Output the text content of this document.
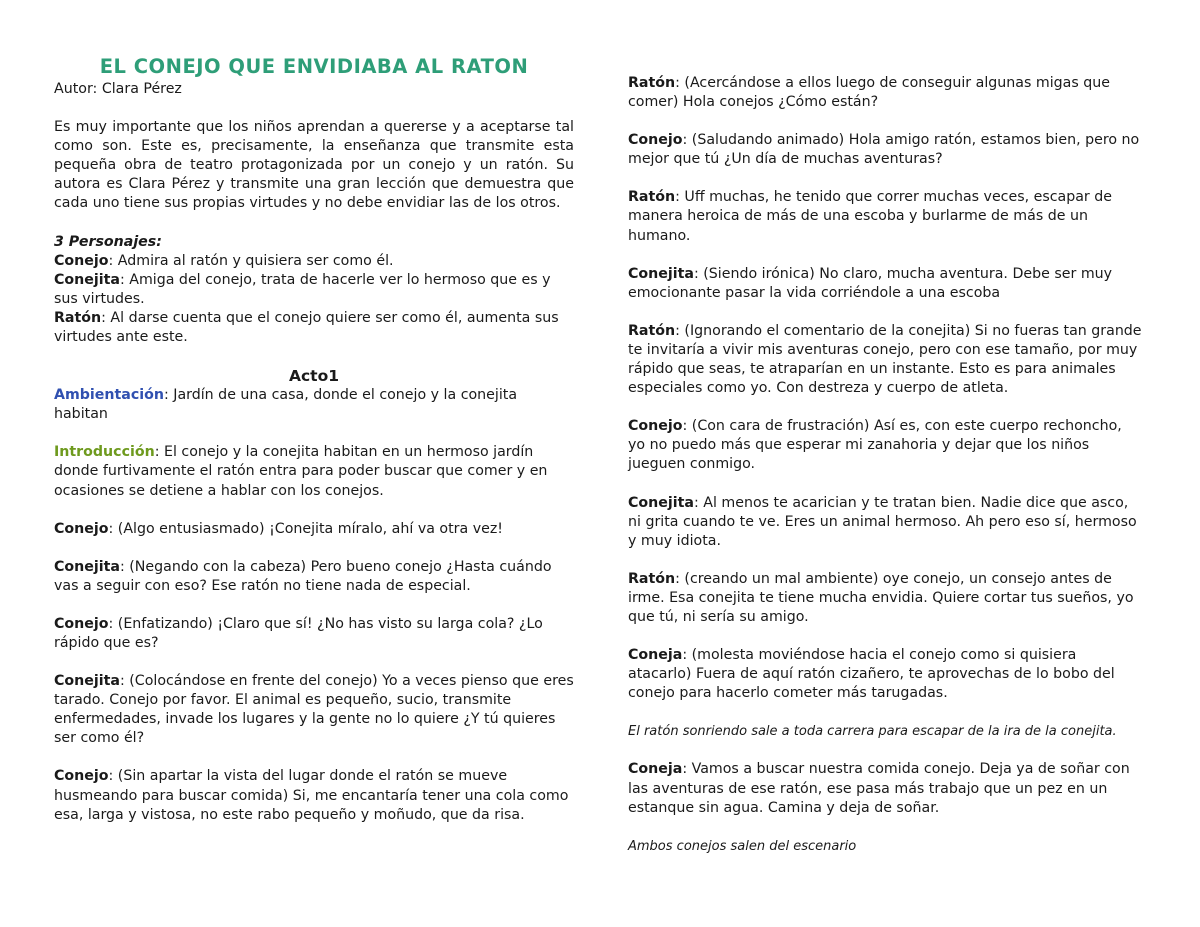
EL CONEJO QUE ENVIDIABA AL RATON

Autor: Clara Pérez

Es muy importante que los niños aprendan a quererse y a aceptarse tal como son. Este es, precisamente, la enseñanza que transmite esta pequeña obra de teatro protagonizada por un conejo y un ratón. Su autora es Clara Pérez y transmite una gran lección que demuestra que cada uno tiene sus propias virtudes y no debe envidiar las de los otros.

3 Personajes:

Conejo: Admira al ratón y quisiera ser como él.

Conejita: Amiga del conejo, trata de hacerle ver lo hermoso que es y sus virtudes.

Ratón: Al darse cuenta que el conejo quiere ser como él, aumenta sus virtudes ante este.

Acto1

Ambientación: Jardín de una casa, donde el conejo y la conejita habitan

Introducción: El conejo y la conejita habitan en un hermoso jardín donde furtivamente el ratón entra para poder buscar que comer y en ocasiones se detiene a hablar con los conejos.

Conejo: (Algo entusiasmado) ¡Conejita míralo, ahí va otra vez!

Conejita: (Negando con la cabeza) Pero bueno conejo ¿Hasta cuándo vas a seguir con eso? Ese ratón no tiene nada de especial.

Conejo: (Enfatizando) ¡Claro que sí! ¿No has visto su larga cola? ¿Lo rápido que es?

Conejita: (Colocándose en frente del conejo) Yo a veces pienso que eres tarado. Conejo por favor. El animal es pequeño, sucio, transmite enfermedades, invade los lugares y la gente no lo quiere ¿Y tú quieres ser como él?

Conejo: (Sin apartar la vista del lugar donde el ratón se mueve husmeando para buscar comida) Si, me encantaría tener una cola como esa, larga y vistosa, no este rabo pequeño y moñudo, que da risa.

Ratón: (Acercándose a ellos luego de conseguir algunas migas que comer) Hola conejos ¿Cómo están?

Conejo: (Saludando animado) Hola amigo ratón, estamos bien, pero no mejor que tú ¿Un día de muchas aventuras?

Ratón: Uff muchas, he tenido que correr muchas veces, escapar de manera heroica de más de una escoba y burlarme de más de un humano.

Conejita: (Siendo irónica) No claro, mucha aventura. Debe ser muy emocionante pasar la vida corriéndole a una escoba

Ratón: (Ignorando el comentario de la conejita) Si no fueras tan grande te invitaría a vivir mis aventuras conejo, pero con ese tamaño, por muy rápido que seas, te atraparían en un instante. Esto es para animales especiales como yo. Con destreza y cuerpo de atleta.

Conejo: (Con cara de frustración) Así es, con este cuerpo rechoncho, yo no puedo más que esperar mi zanahoria y dejar que los niños jueguen conmigo.

Conejita: Al menos te acarician y te tratan bien. Nadie dice que asco, ni grita cuando te ve. Eres un animal hermoso. Ah pero eso sí, hermoso y muy idiota.

Ratón: (creando un mal ambiente) oye conejo, un consejo antes de irme. Esa conejita te tiene mucha envidia. Quiere cortar tus sueños, yo que tú, ni sería su amigo.

Coneja: (molesta moviéndose hacia el conejo como si quisiera atacarlo) Fuera de aquí ratón cizañero, te aprovechas de lo bobo del conejo para hacerlo cometer más tarugadas.

El ratón sonriendo sale a toda carrera para escapar de la ira de la conejita.

Coneja: Vamos a buscar nuestra comida conejo. Deja ya de soñar con las aventuras de ese ratón, ese pasa más trabajo que un pez en un estanque sin agua. Camina y deja de soñar.

Ambos conejos salen del escenario
